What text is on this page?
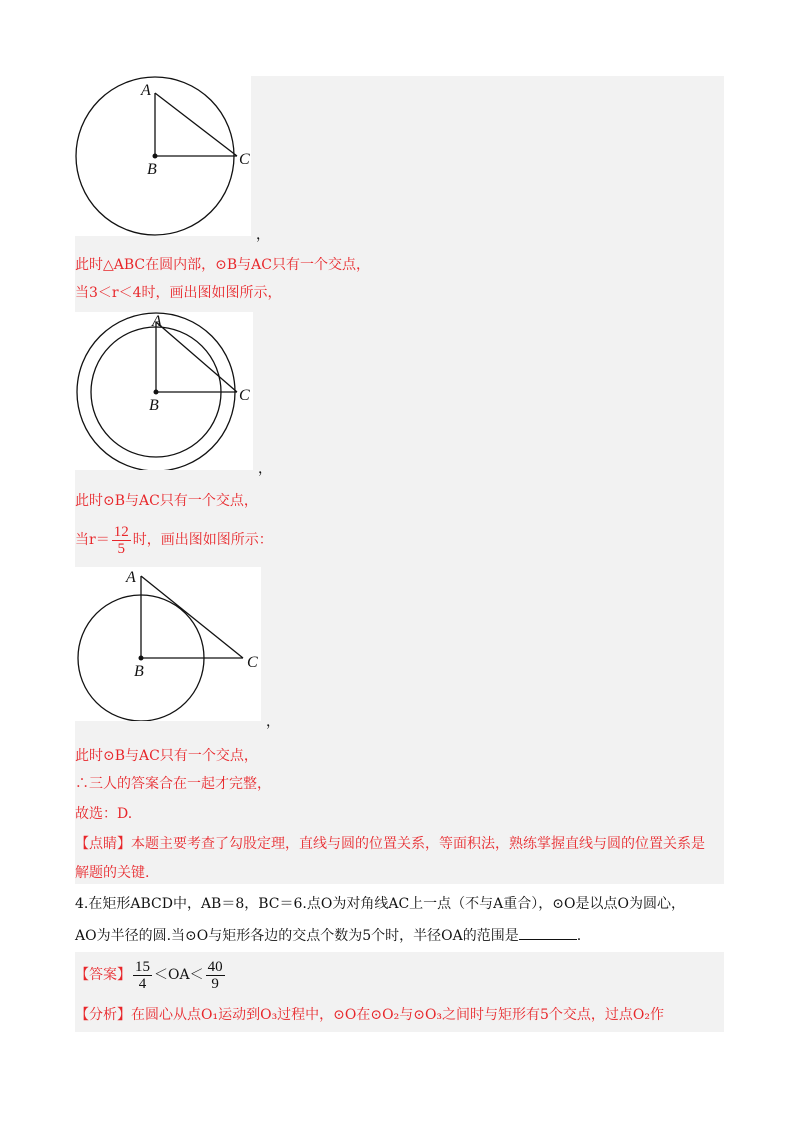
A
B
C
，
此时△ABC在圆内部，⊙B与AC只有一个交点，
当3＜r＜4时，画出图如图所示，
A
B
C
，
此时⊙B与AC只有一个交点，
当$r= \frac{12}{5}$ 时，画出图如图所示：
A
B
C
，
此时⊙B与AC只有一个交点，
∴三人的答案合在一起才完整，
故选：D.
【点睛】本题主要考查了勾股定理，直线与圆的位置关系，等面积法，熟练掌握直线与圆的位置关系是
解题的关键.
4.在矩形ABCD中，AB＝8，BC＝6.点O为对角线AC上一点（不与A重合），⊙O是以点O为圆心，
AO为半径的圆.当⊙O与矩形各边的交点个数为5个时，半径OA的范围是	.
【答案】 $\frac{15}{4} <OA< \frac{40}{9}$
【分析】在圆心从点O₁运动到O₃过程中，⊙O在⊙O₂与⊙O₃之间时与矩形有5个交点，过点O₂作
